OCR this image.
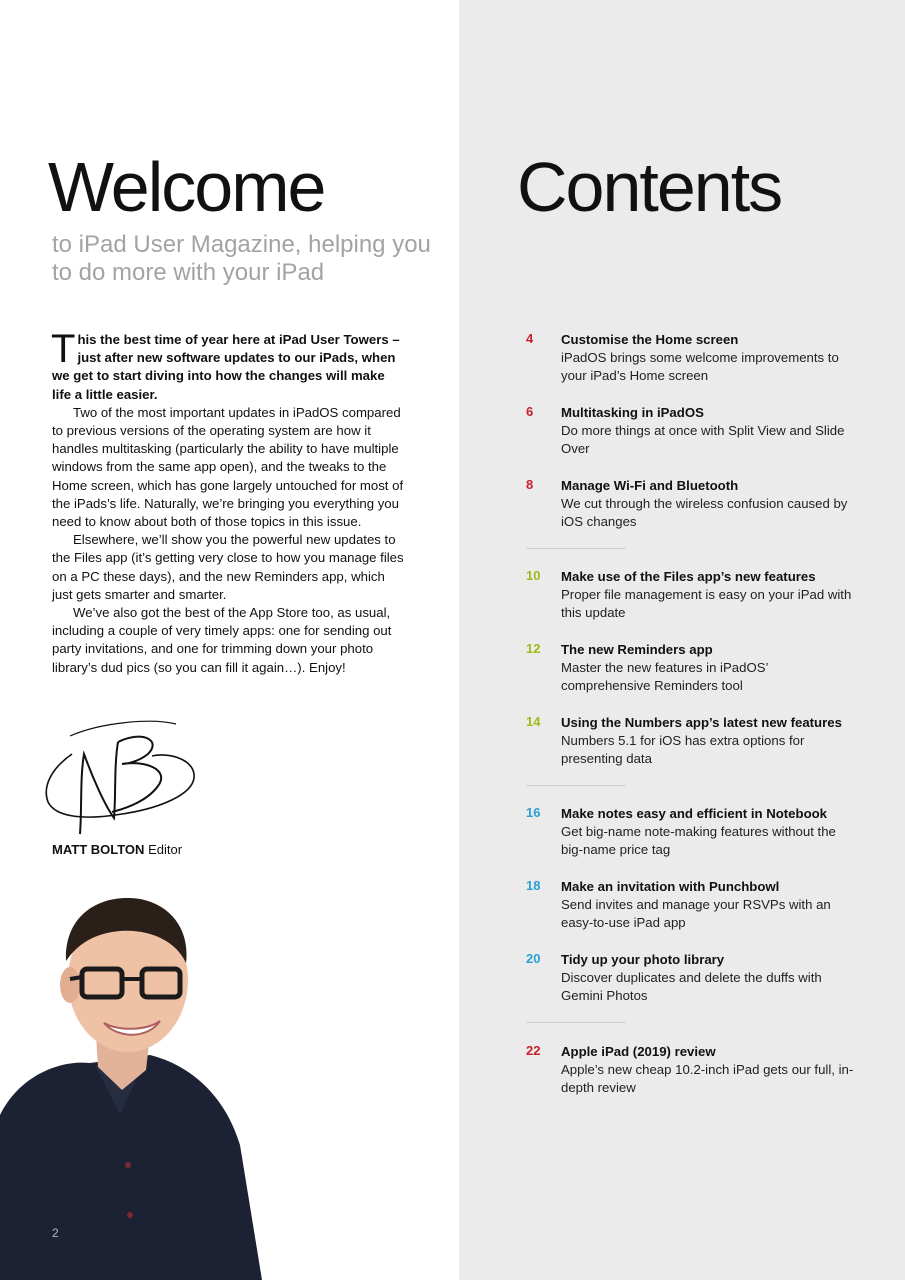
Welcome
to iPad User Magazine, helping you to do more with your iPad

This the best time of year here at iPad User Towers – just after new software updates to our iPads, when we get to start diving into how the changes will make life a little easier.

Two of the most important updates in iPadOS compared to previous versions of the operating system are how it handles multitasking (particularly the ability to have multiple windows from the same app open), and the tweaks to the Home screen, which has gone largely untouched for most of the iPads’s life. Naturally, we’re bringing you everything you need to know about both of those topics in this issue.

Elsewhere, we’ll show you the powerful new updates to the Files app (it’s getting very close to how you manage files on a PC these days), and the new Reminders app, which just gets smarter and smarter.

We’ve also got the best of the App Store too, as usual, including a couple of very timely apps: one for sending out party invitations, and one for trimming down your photo library’s dud pics (so you can fill it again…). Enjoy!

MATT BOLTON Editor
2
Contents
4 Customise the Home screen
iPadOS brings some welcome improvements to your iPad’s Home screen
6 Multitasking in iPadOS
Do more things at once with Split View and Slide Over
8 Manage Wi-Fi and Bluetooth
We cut through the wireless confusion caused by iOS changes
10 Make use of the Files app’s new features
Proper file management is easy on your iPad with this update
12 The new Reminders app
Master the new features in iPadOS’ comprehensive Reminders tool
14 Using the Numbers app’s latest new features
Numbers 5.1 for iOS has extra options for presenting data
16 Make notes easy and efficient in Notebook
Get big-name note-making features without the big-name price tag
18 Make an invitation with Punchbowl
Send invites and manage your RSVPs with an easy-to-use iPad app
20 Tidy up your photo library
Discover duplicates and delete the duffs with Gemini Photos
22 Apple iPad (2019) review
Apple’s new cheap 10.2-inch iPad gets our full, in-depth review
